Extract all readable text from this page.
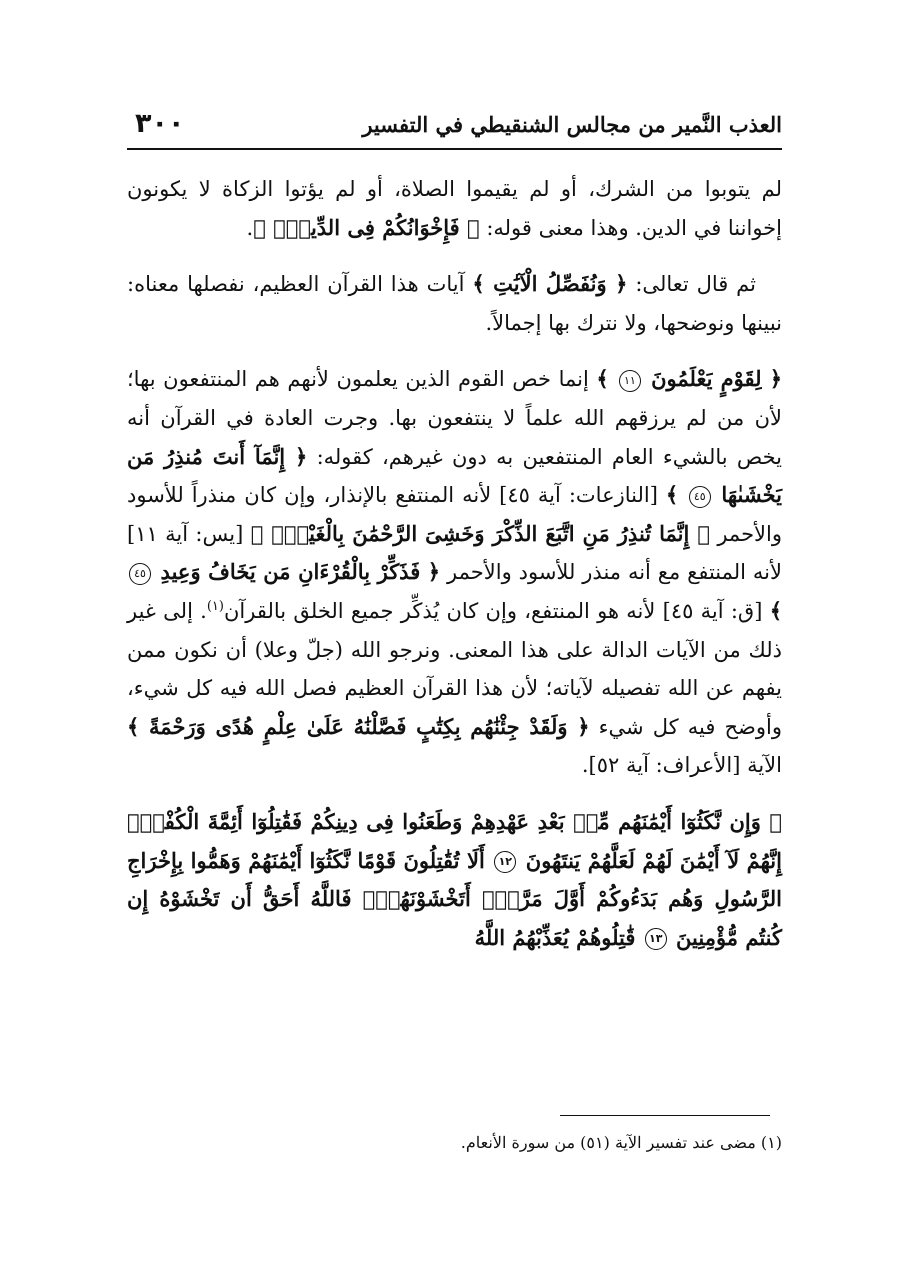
العذب النَّمير من مجالس الشنقيطي في التفسير
٣٠٠

لم يتوبوا من الشرك، أو لم يقيموا الصلاة، أو لم يؤتوا الزكاة لا يكونون إخواننا في الدين. وهذا معنى قوله: ﴿ فَإِخْوَانُكُمْ فِى الدِّينِۗ ﴾.

ثم قال تعالى: ﴿ وَنُفَصِّلُ الْآيَٰتِ ﴾ آيات هذا القرآن العظيم، نفصلها معناه: نبينها ونوضحها، ولا نترك بها إجمالاً.

﴿ لِقَوْمٍ يَعْلَمُونَ ١١ ﴾ إنما خص القوم الذين يعلمون لأنهم هم المنتفعون بها؛ لأن من لم يرزقهم الله علماً لا ينتفعون بها. وجرت العادة في القرآن أنه يخص بالشيء العام المنتفعين به دون غيرهم، كقوله: ﴿ إِنَّمَآ أَنتَ مُنذِرُ مَن يَخْشَىٰهَا ٤٥ ﴾ [النازعات: آية ٤٥] لأنه المنتفع بالإنذار، وإن كان منذراً للأسود والأحمر ﴿ إِنَّمَا تُنذِرُ مَنِ اتَّبَعَ الذِّكْرَ وَخَشِىَ الرَّحْمَٰنَ بِالْغَيْبِۖ ﴾ [يس: آية ١١] لأنه المنتفع مع أنه منذر للأسود والأحمر ﴿ فَذَكِّرْ بِالْقُرْءَانِ مَن يَخَافُ وَعِيدِ ٤٥ ﴾ [ق: آية ٤٥] لأنه هو المنتفع، وإن كان يُذكِّر جميع الخلق بالقرآن$^{(١)}$. إلى غير ذلك من الآيات الدالة على هذا المعنى. ونرجو الله (جلّ وعلا) أن نكون ممن يفهم عن الله تفصيله لآياته؛ لأن هذا القرآن العظيم فصل الله فيه كل شيء، وأوضح فيه كل شيء ﴿ وَلَقَدْ جِئْنَٰهُم بِكِتَٰبٍ فَصَّلْنَٰهُ عَلَىٰ عِلْمٍ هُدًى وَرَحْمَةً ﴾ الآية [الأعراف: آية ٥٢].

﴿ وَإِن نَّكَثُوٓا أَيْمَٰنَهُم مِّنۢ بَعْدِ عَهْدِهِمْ وَطَعَنُوا فِى دِينِكُمْ فَقَٰتِلُوٓا أَئِمَّةَ الْكُفْرِۙ إِنَّهُمْ لَآ أَيْمَٰنَ لَهُمْ لَعَلَّهُمْ يَنتَهُونَ ١٢ أَلَا تُقَٰتِلُونَ قَوْمًا نَّكَثُوٓا أَيْمَٰنَهُمْ وَهَمُّوا بِإِخْرَاجِ الرَّسُولِ وَهُم بَدَءُوكُمْ أَوَّلَ مَرَّةٍۚ أَتَخْشَوْنَهُمْۚ فَاللَّهُ أَحَقُّ أَن تَخْشَوْهُ إِن كُنتُم مُّؤْمِنِينَ ١٣ قَٰتِلُوهُمْ يُعَذِّبْهُمُ اللَّهُ

(١) مضى عند تفسير الآية (٥١) من سورة الأنعام.
